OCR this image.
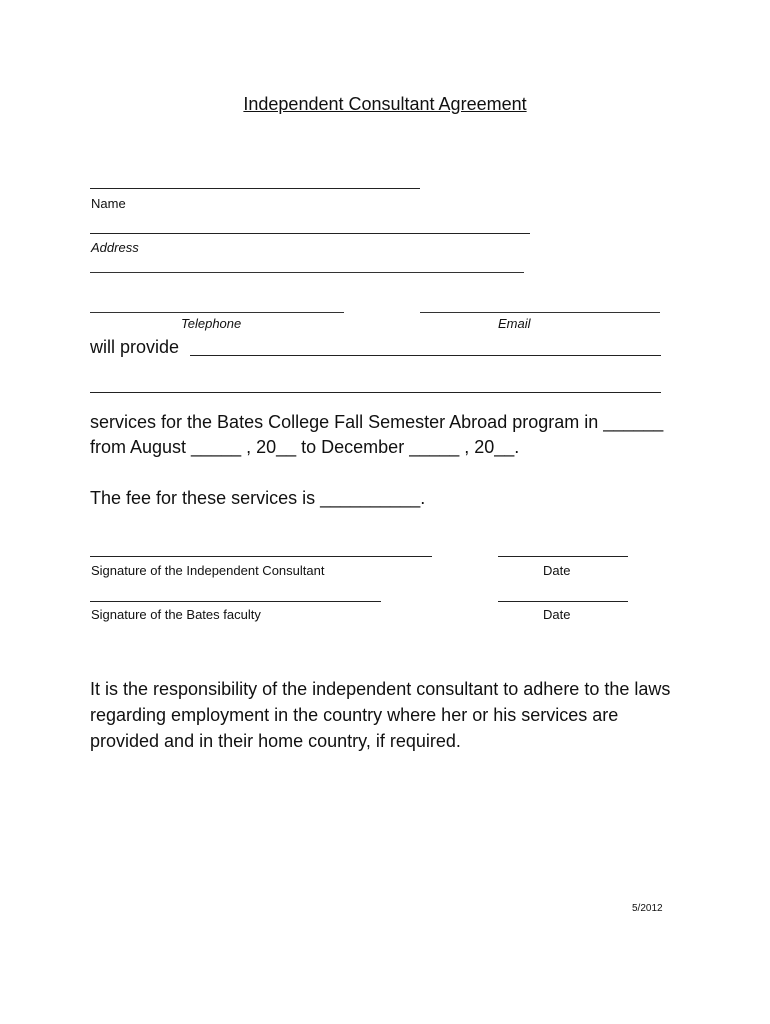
Independent Consultant Agreement
Name
Address
Telephone	Email
will provide
services for the Bates College Fall Semester Abroad program in ______
from August _____ , 20__ to December _____ , 20__.
The fee for these services is __________.
Signature of the Independent Consultant	Date
Signature of the Bates faculty	Date
It is the responsibility of the independent consultant to adhere to the laws regarding employment in the country where her or his services are provided and in their home country, if required.
5/2012
